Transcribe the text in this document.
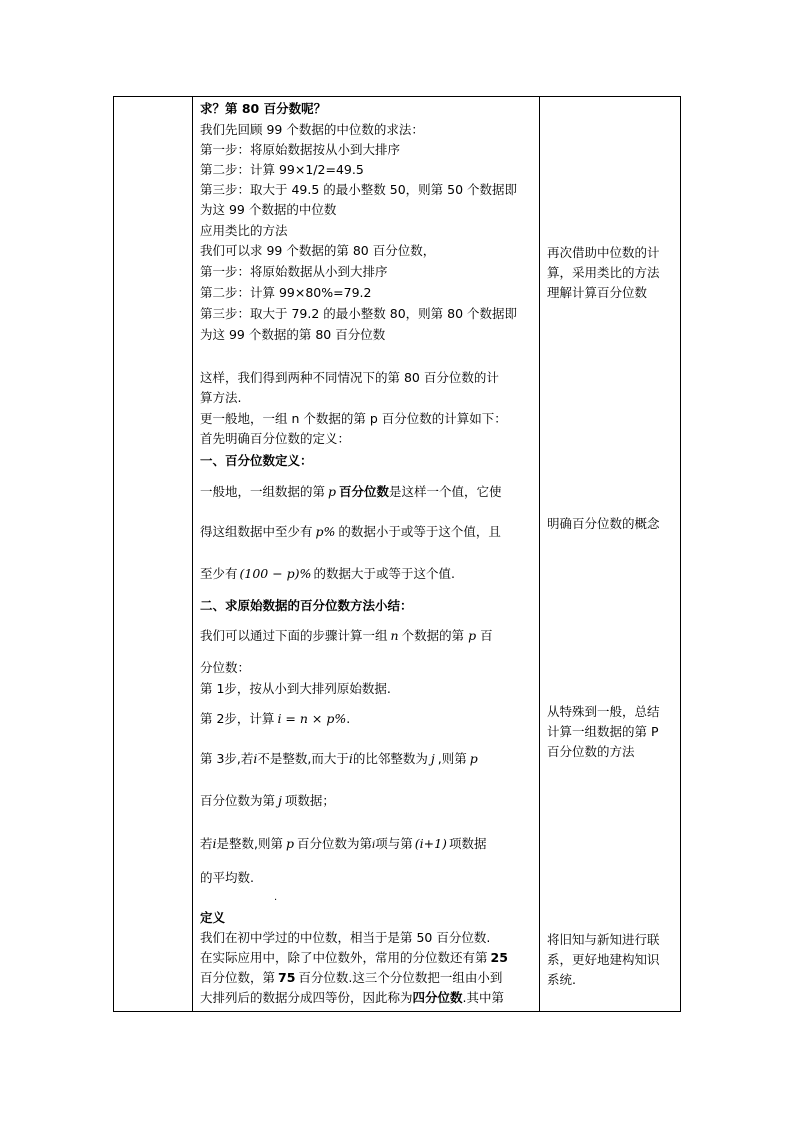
求？第 80 百分数呢？
我们先回顾 99 个数据的中位数的求法：
第一步：将原始数据按从小到大排序
第二步：计算 99×1/2=49.5
第三步：取大于 49.5 的最小整数 50，则第 50 个数据即
为这 99 个数据的中位数
应用类比的方法
我们可以求 99 个数据的第 80 百分位数，
第一步：将原始数据从小到大排序
第二步：计算 99×80%=79.2
第三步：取大于 79.2 的最小整数 80，则第 80 个数据即
为这 99 个数据的第 80 百分位数
这样，我们得到两种不同情况下的第 80 百分位数的计
算方法.
更一般地，一组 n 个数据的第 p 百分位数的计算如下：
首先明确百分位数的定义：
一、百分位数定义：
一般地，一组数据的第 p 百分位数是这样一个值，它使
得这组数据中至少有 p% 的数据小于或等于这个值，且
至少有 (100 − p)% 的数据大于或等于这个值.
二、求原始数据的百分位数方法小结：
我们可以通过下面的步骤计算一组 n 个数据的第 p 百
分位数：
第 1步，按从小到大排列原始数据.
第 2步，计算 i = n × p%.
第 3步,若i不是整数,而大于i的比邻整数为 j ,则第 p
百分位数为第 j 项数据；
若i是整数,则第 p 百分位数为第i项与第 (i+1) 项数据
的平均数.
.
定义
我们在初中学过的中位数，相当于是第 50 百分位数.
在实际应用中，除了中位数外，常用的分位数还有第 25
百分位数，第 75 百分位数.这三个分位数把一组由小到
大排列后的数据分成四等份，因此称为四分位数.其中第
再次借助中位数的计
算，采用类比的方法
理解计算百分位数
明确百分位数的概念
从特殊到一般，总结
计算一组数据的第 P
百分位数的方法
将旧知与新知进行联
系，更好地建构知识
系统.
